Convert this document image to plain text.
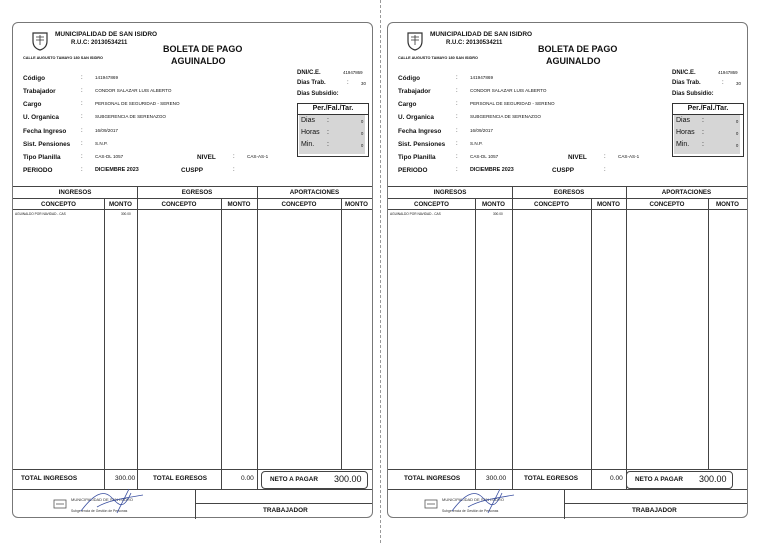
MUNICIPALIDAD DE SAN ISIDRO
R.U.C: 20130534211
CALLE AUGUSTO TAMAYO 180 SAN ISIDRO
BOLETA DE PAGO
AGUINALDO
Código	:	141947869
Trabajador	:	CONDOR SALAZAR LUIS ALBERTO
Cargo	:	PERSONAL DE SEGURIDAD - SERENO
U. Organica	:	SUBGERENCIA DE SERENAZGO
Fecha Ingreso :	16/09/2017
Sist. Pensiones :	S.N.P.
Tipo Planilla	:	CAS-DL 1057
PERIODO	: DICIEMBRE 2023
NIVEL	:	CAS-AS-1
CUSPP	:
DNI/C.E.	41947869
Dias Trab.	:	30
Dias Subsidio:
Per./Fal./Tar.
Dias :	0
Horas :	0
Min. :	0
INGRESOS	EGRESOS	APORTACIONES
CONCEPTO	MONTO	CONCEPTO	MONTO	CONCEPTO	MONTO
AGUINALDO POR NAVIDAD - CAS	300.00
TOTAL INGRESOS	300.00	TOTAL EGRESOS	0.00	NETO A PAGAR 300.00
MUNICIPALIDAD DE SAN ISIDRO
Subgerencia de Gestión de Personas	TRABAJADOR
MUNICIPALIDAD DE SAN ISIDRO
R.U.C: 20130534211
CALLE AUGUSTO TAMAYO 180 SAN ISIDRO
BOLETA DE PAGO
AGUINALDO
Código	:	141947869
Trabajador	:	CONDOR SALAZAR LUIS ALBERTO
Cargo	:	PERSONAL DE SEGURIDAD - SERENO
U. Organica	:	SUBGERENCIA DE SERENAZGO
Fecha Ingreso :	16/09/2017
Sist. Pensiones :	S.N.P.
Tipo Planilla	:	CAS-DL 1057
PERIODO	: DICIEMBRE 2023
NIVEL	:	CAS-AS-1
CUSPP	:
DNI/C.E.	41947869
Dias Trab.	:	30
Dias Subsidio:
Per./Fal./Tar.
Dias :	0
Horas :	0
Min. :	0
INGRESOS	EGRESOS	APORTACIONES
CONCEPTO	MONTO	CONCEPTO	MONTO	CONCEPTO	MONTO
AGUINALDO POR NAVIDAD - CAS	300.00
TOTAL INGRESOS	300.00	TOTAL EGRESOS	0.00 NETO A PAGAR 300.00
MUNICIPALIDAD DE SAN ISIDRO
Subgerencia de Gestión de Personas	TRABAJADOR
